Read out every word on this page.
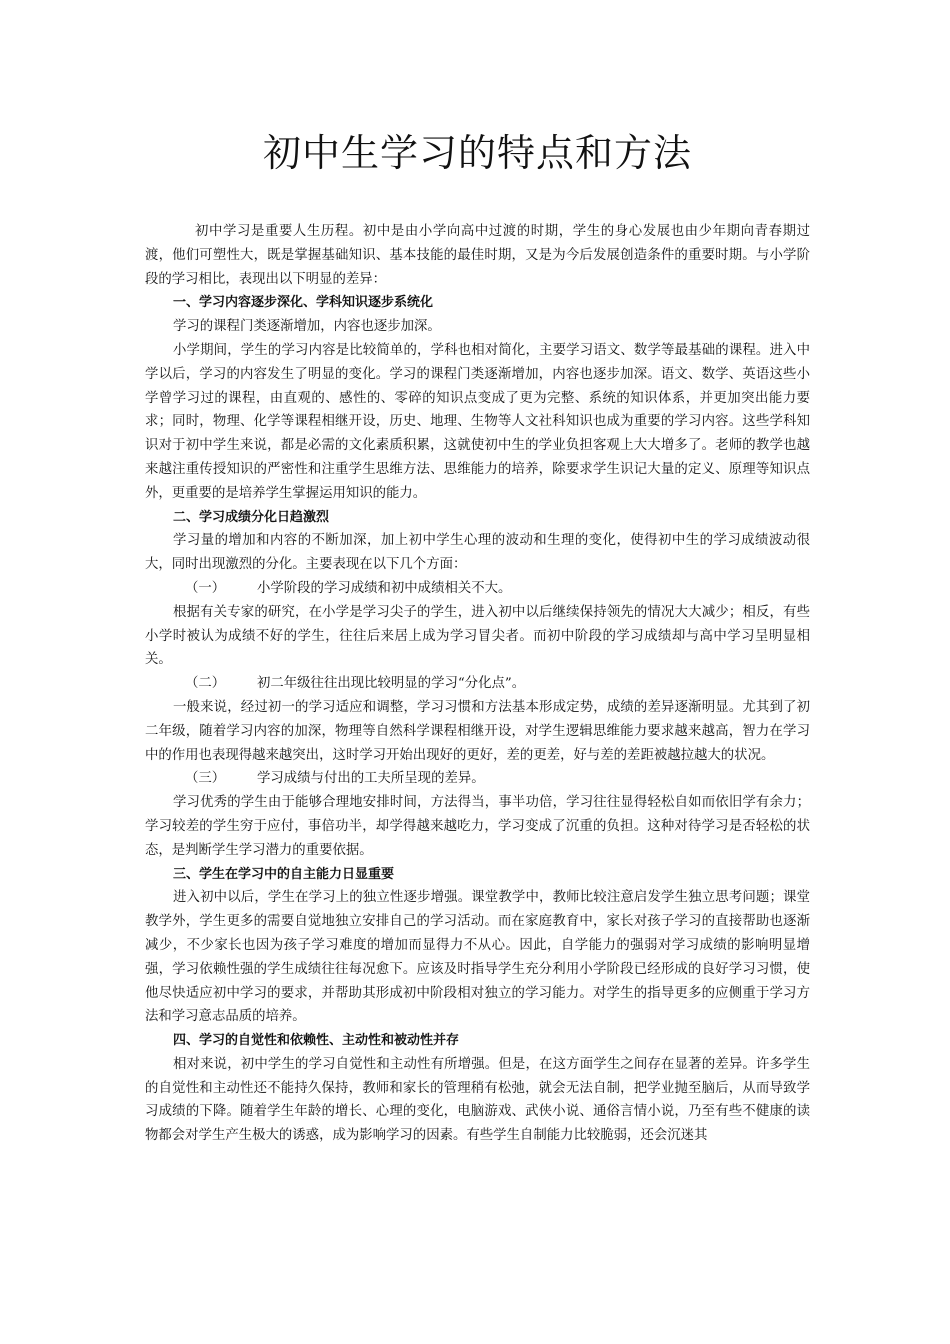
初中生学习的特点和方法

初中学习是重要人生历程。初中是由小学向高中过渡的时期，学生的身心发展也由少年期向青春期过渡，他们可塑性大，既是掌握基础知识、基本技能的最佳时期，又是为今后发展创造条件的重要时期。与小学阶段的学习相比，表现出以下明显的差异：

一、学习内容逐步深化、学科知识逐步系统化

学习的课程门类逐渐增加，内容也逐步加深。

小学期间，学生的学习内容是比较简单的，学科也相对简化，主要学习语文、数学等最基础的课程。进入中学以后，学习的内容发生了明显的变化。学习的课程门类逐渐增加，内容也逐步加深。语文、数学、英语这些小学曾学习过的课程，由直观的、感性的、零碎的知识点变成了更为完整、系统的知识体系，并更加突出能力要求；同时，物理、化学等课程相继开设，历史、地理、生物等人文社科知识也成为重要的学习内容。这些学科知识对于初中学生来说，都是必需的文化素质积累，这就使初中生的学业负担客观上大大增多了。老师的教学也越来越注重传授知识的严密性和注重学生思维方法、思维能力的培养，除要求学生识记大量的定义、原理等知识点外，更重要的是培养学生掌握运用知识的能力。

二、学习成绩分化日趋激烈

学习量的增加和内容的不断加深，加上初中学生心理的波动和生理的变化，使得初中生的学习成绩波动很大，同时出现激烈的分化。主要表现在以下几个方面：

（一） 小学阶段的学习成绩和初中成绩相关不大。

根据有关专家的研究，在小学是学习尖子的学生，进入初中以后继续保持领先的情况大大减少；相反，有些小学时被认为成绩不好的学生，往往后来居上成为学习冒尖者。而初中阶段的学习成绩却与高中学习呈明显相关。

（二） 初二年级往往出现比较明显的学习“分化点”。

一般来说，经过初一的学习适应和调整，学习习惯和方法基本形成定势，成绩的差异逐渐明显。尤其到了初二年级，随着学习内容的加深，物理等自然科学课程相继开设，对学生逻辑思维能力要求越来越高，智力在学习中的作用也表现得越来越突出，这时学习开始出现好的更好，差的更差，好与差的差距被越拉越大的状况。

（三） 学习成绩与付出的工夫所呈现的差异。

学习优秀的学生由于能够合理地安排时间，方法得当，事半功倍，学习往往显得轻松自如而依旧学有余力；学习较差的学生穷于应付，事倍功半，却学得越来越吃力，学习变成了沉重的负担。这种对待学习是否轻松的状态，是判断学生学习潜力的重要依据。

三、学生在学习中的自主能力日显重要

进入初中以后，学生在学习上的独立性逐步增强。课堂教学中，教师比较注意启发学生独立思考问题；课堂教学外，学生更多的需要自觉地独立安排自己的学习活动。而在家庭教育中，家长对孩子学习的直接帮助也逐渐减少，不少家长也因为孩子学习难度的增加而显得力不从心。因此，自学能力的强弱对学习成绩的影响明显增强，学习依赖性强的学生成绩往往每况愈下。应该及时指导学生充分利用小学阶段已经形成的良好学习习惯，使他尽快适应初中学习的要求，并帮助其形成初中阶段相对独立的学习能力。对学生的指导更多的应侧重于学习方法和学习意志品质的培养。

四、学习的自觉性和依赖性、主动性和被动性并存

相对来说，初中学生的学习自觉性和主动性有所增强。但是，在这方面学生之间存在显著的差异。许多学生的自觉性和主动性还不能持久保持，教师和家长的管理稍有松弛，就会无法自制，把学业抛至脑后，从而导致学习成绩的下降。随着学生年龄的增长、心理的变化，电脑游戏、武侠小说、通俗言情小说，乃至有些不健康的读物都会对学生产生极大的诱惑，成为影响学习的因素。有些学生自制能力比较脆弱，还会沉迷其
